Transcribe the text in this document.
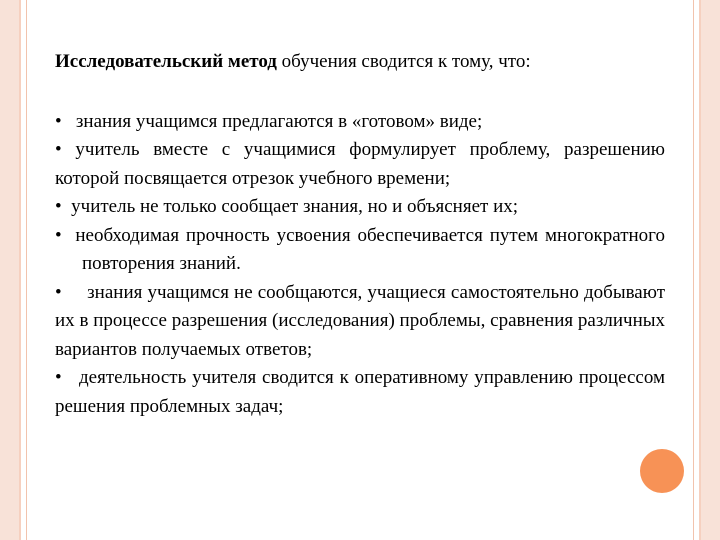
Исследовательский метод обучения сводится к тому, что:

• знания учащимся предлагаются в «готовом» виде;

• учитель вместе с учащимися формулирует проблему, разрешению которой посвящается отрезок учебного времени;

• учитель не только сообщает знания, но и объясняет их;

• необходимая прочность усвоения обеспечивается путем многократного повторения знаний.

• знания учащимся не сообщаются, учащиеся самостоятельно добывают их в процессе разрешения (исследования) проблемы, сравнения различных вариантов получаемых ответов;

• деятельность учителя сводится к оперативному управлению процессом решения проблемных задач;
